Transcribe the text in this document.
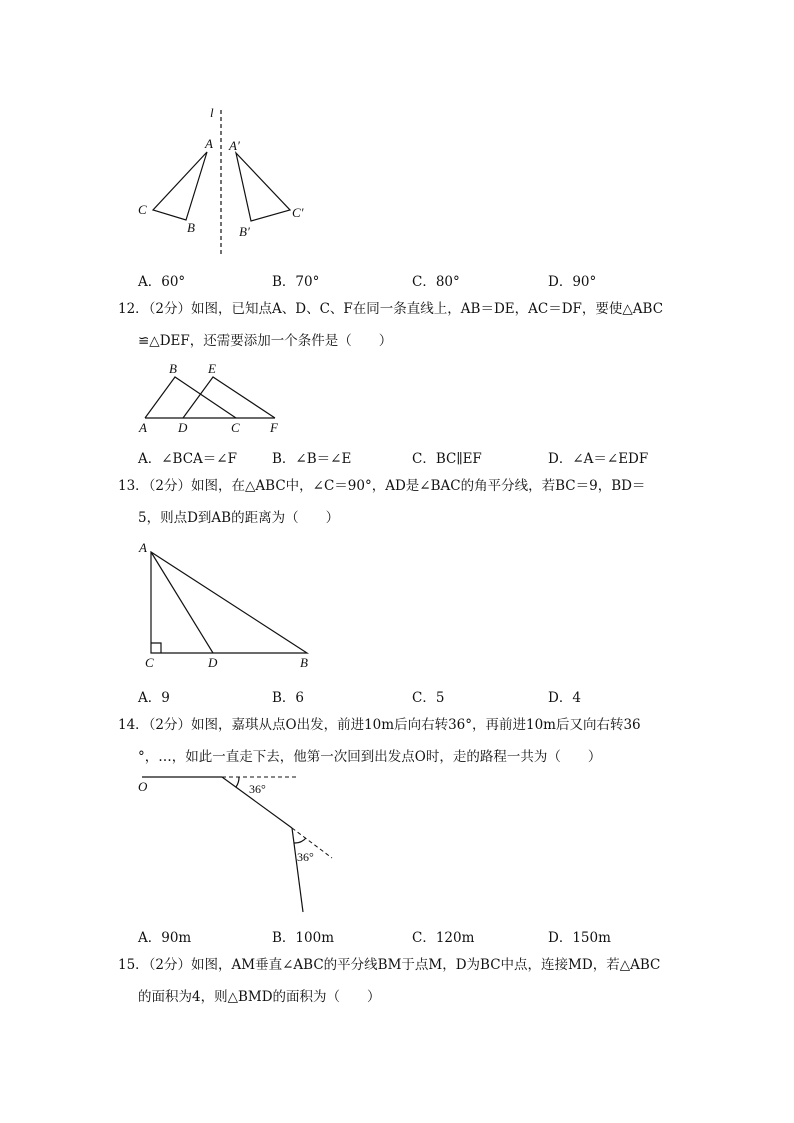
l
A
C
B
A′
B′
C′
A．60°	B．70°	C．80°	D．90°
12．（2分）如图，已知点A、D、C、F在同一条直线上，AB＝DE，AC＝DF，要使△ABC
≌△DEF，还需要添加一个条件是（　　）
B E
A D	C F
A．∠BCA＝∠F	B．∠B＝∠E	C．BC∥EF	D．∠A＝∠EDF
13．（2分）如图，在△ABC中，∠C＝90°，AD是∠BAC的角平分线，若BC＝9，BD＝
5，则点D到AB的距离为（　　）
A
C	D	B
A．9	B．6	C．5	D．4
14．（2分）如图，嘉琪从点O出发，前进10m后向右转36°，再前进10m后又向右转36
°，…，如此一直走下去，他第一次回到出发点O时，走的路程一共为（　　）
O	36°
36°
A．90m	B．100m	C．120m	D．150m
15．（2分）如图，AM垂直∠ABC的平分线BM于点M，D为BC中点，连接MD，若△ABC
的面积为4，则△BMD的面积为（　　）
